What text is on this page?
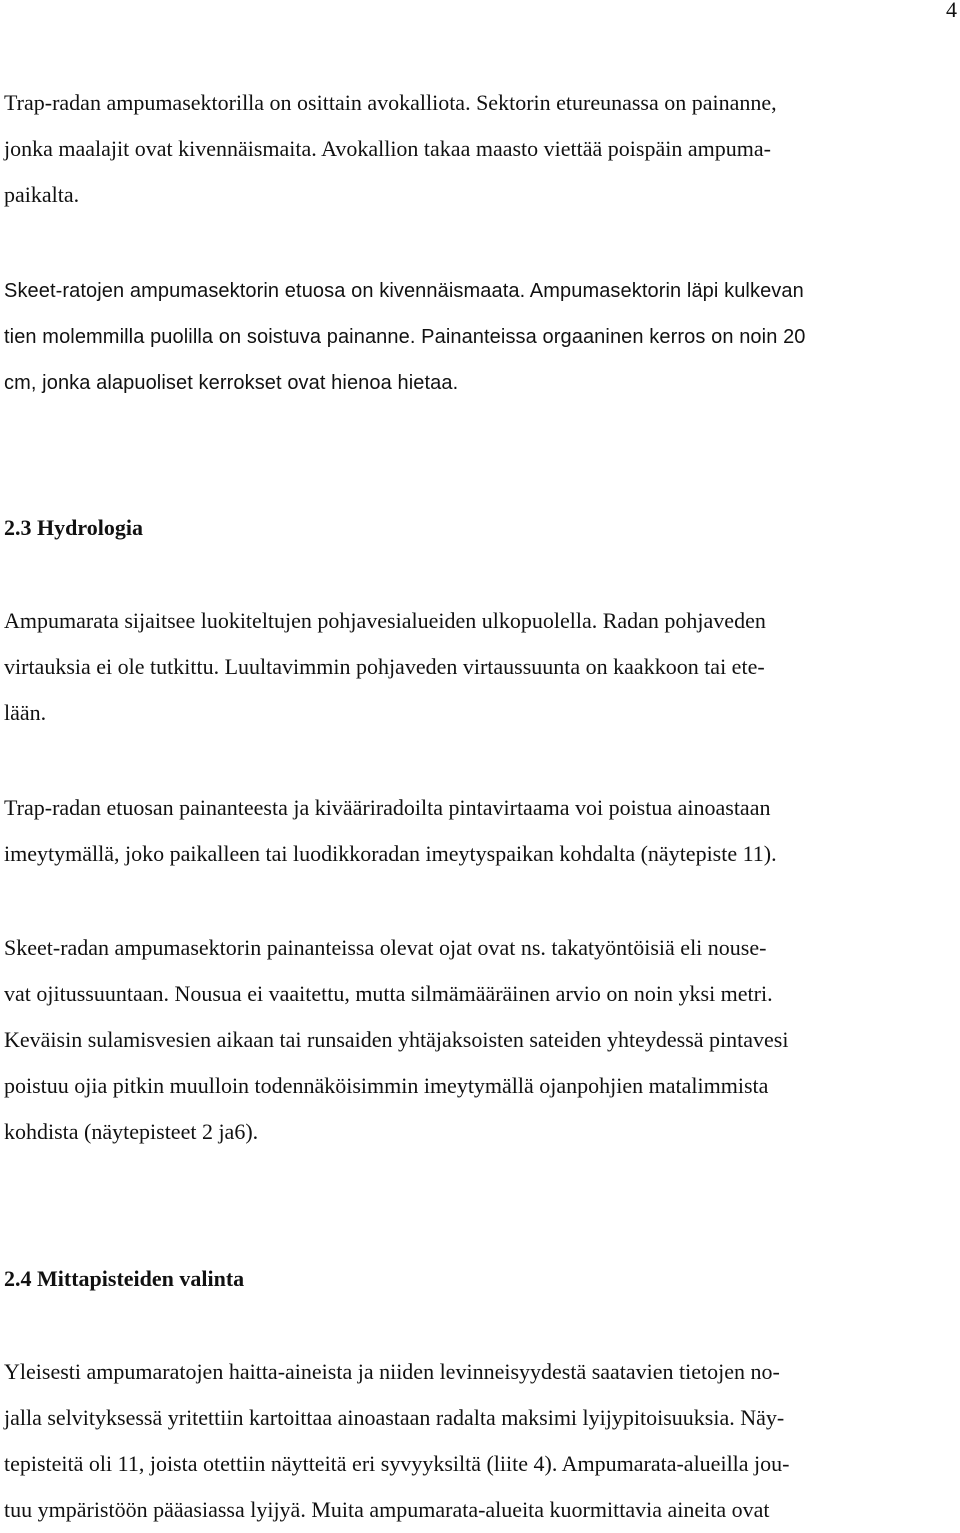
4

Trap-radan ampumasektorilla on osittain avokalliota. Sektorin etureunassa on painanne,
jonka maalajit ovat kivennäismaita. Avokallion takaa maasto viettää poispäin ampuma-
paikalta.

Skeet-ratojen ampumasektorin etuosa on kivennäismaata. Ampumasektorin läpi kulkevan
tien molemmilla puolilla on soistuva painanne. Painanteissa orgaaninen kerros on noin 20
cm, jonka alapuoliset kerrokset ovat hienoa hietaa.

2.3 Hydrologia

Ampumarata sijaitsee luokiteltujen pohjavesialueiden ulkopuolella. Radan pohjaveden
virtauksia ei ole tutkittu. Luultavimmin pohjaveden virtaussuunta on kaakkoon tai ete-
lään.

Trap-radan etuosan painanteesta ja kivääriradoilta pintavirtaama voi poistua ainoastaan
imeytymällä, joko paikalleen tai luodikkoradan imeytyspaikan kohdalta (näytepiste 11).

Skeet-radan ampumasektorin painanteissa olevat ojat ovat ns. takatyöntöisiä eli nouse-
vat ojitussuuntaan. Nousua ei vaaitettu, mutta silmämääräinen arvio on noin yksi metri.
Keväisin sulamisvesien aikaan tai runsaiden yhtäjaksoisten sateiden yhteydessä pintavesi
poistuu ojia pitkin muulloin todennäköisimmin imeytymällä ojanpohjien matalimmista
kohdista (näytepisteet 2 ja6).

2.4 Mittapisteiden valinta

Yleisesti ampumaratojen haitta-aineista ja niiden levinneisyydestä saatavien tietojen no-
jalla selvityksessä yritettiin kartoittaa ainoastaan radalta maksimi lyijypitoisuuksia. Näy-
tepisteitä oli 11, joista otettiin näytteitä eri syvyyksiltä (liite 4). Ampumarata-alueilla jou-
tuu ympäristöön pääasiassa lyijyä. Muita ampumarata-alueita kuormittavia aineita ovat
